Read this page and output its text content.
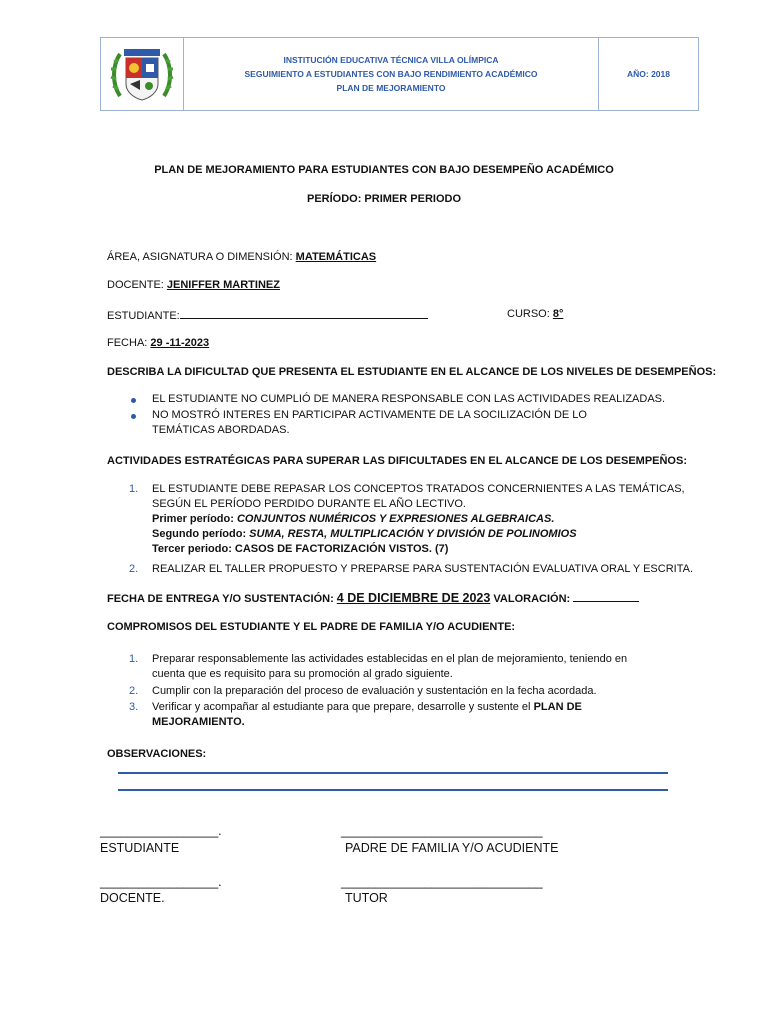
INSTITUCIÓN EDUCATIVA TÉCNICA VILLA OLÍMPICA
SEGUIMIENTO A ESTUDIANTES CON BAJO RENDIMIENTO ACADÉMICO
PLAN DE MEJORAMIENTO
AÑO: 2018
PLAN DE MEJORAMIENTO PARA ESTUDIANTES CON BAJO DESEMPEÑO ACADÉMICO
PERÍODO: PRIMER PERIODO
ÁREA, ASIGNATURA O DIMENSIÓN: MATEMÁTICAS
DOCENTE: JENIFFER MARTINEZ
ESTUDIANTE:	CURSO: 8°
FECHA: 29 -11-2023
DESCRIBA LA DIFICULTAD QUE PRESENTA EL ESTUDIANTE EN EL ALCANCE DE LOS NIVELES DE DESEMPEÑOS:
EL ESTUDIANTE NO CUMPLIÓ DE MANERA RESPONSABLE CON LAS ACTIVIDADES REALIZADAS.
NO MOSTRÓ INTERES EN PARTICIPAR ACTIVAMENTE DE LA SOCILIZACIÓN DE LO TEMÁTICAS ABORDADAS.
ACTIVIDADES ESTRATÉGICAS PARA SUPERAR LAS DIFICULTADES EN EL ALCANCE DE LOS DESEMPEÑOS:
1. EL ESTUDIANTE DEBE REPASAR LOS CONCEPTOS TRATADOS CONCERNIENTES A LAS TEMÁTICAS, SEGÚN EL PERÍODO PERDIDO DURANTE EL AÑO LECTIVO.
Primer período: CONJUNTOS NUMÉRICOS Y EXPRESIONES ALGEBRAICAS.
Segundo período: SUMA, RESTA, MULTIPLICACIÓN Y DIVISIÓN DE POLINOMIOS
Tercer periodo: CASOS DE FACTORIZACIÓN VISTOS. (7)
2. REALIZAR EL TALLER PROPUESTO Y PREPARSE PARA SUSTENTACIÓN EVALUATIVA ORAL Y ESCRITA.
FECHA DE ENTREGA Y/O SUSTENTACIÓN: 4 DE DICIEMBRE DE 2023 VALORACIÓN:
COMPROMISOS DEL ESTUDIANTE Y EL PADRE DE FAMILIA Y/O ACUDIENTE:
1. Preparar responsablemente las actividades establecidas en el plan de mejoramiento, teniendo en cuenta que es requisito para su promoción al grado siguiente.
2. Cumplir con la preparación del proceso de evaluación y sustentación en la fecha acordada.
3. Verificar y acompañar al estudiante para que prepare, desarrolle y sustente el PLAN DE MEJORAMIENTO.
OBSERVACIONES:
_________________.
ESTUDIANTE
_____________________________
PADRE DE FAMILIA Y/O ACUDIENTE
_________________.
DOCENTE.
_____________________________
TUTOR
